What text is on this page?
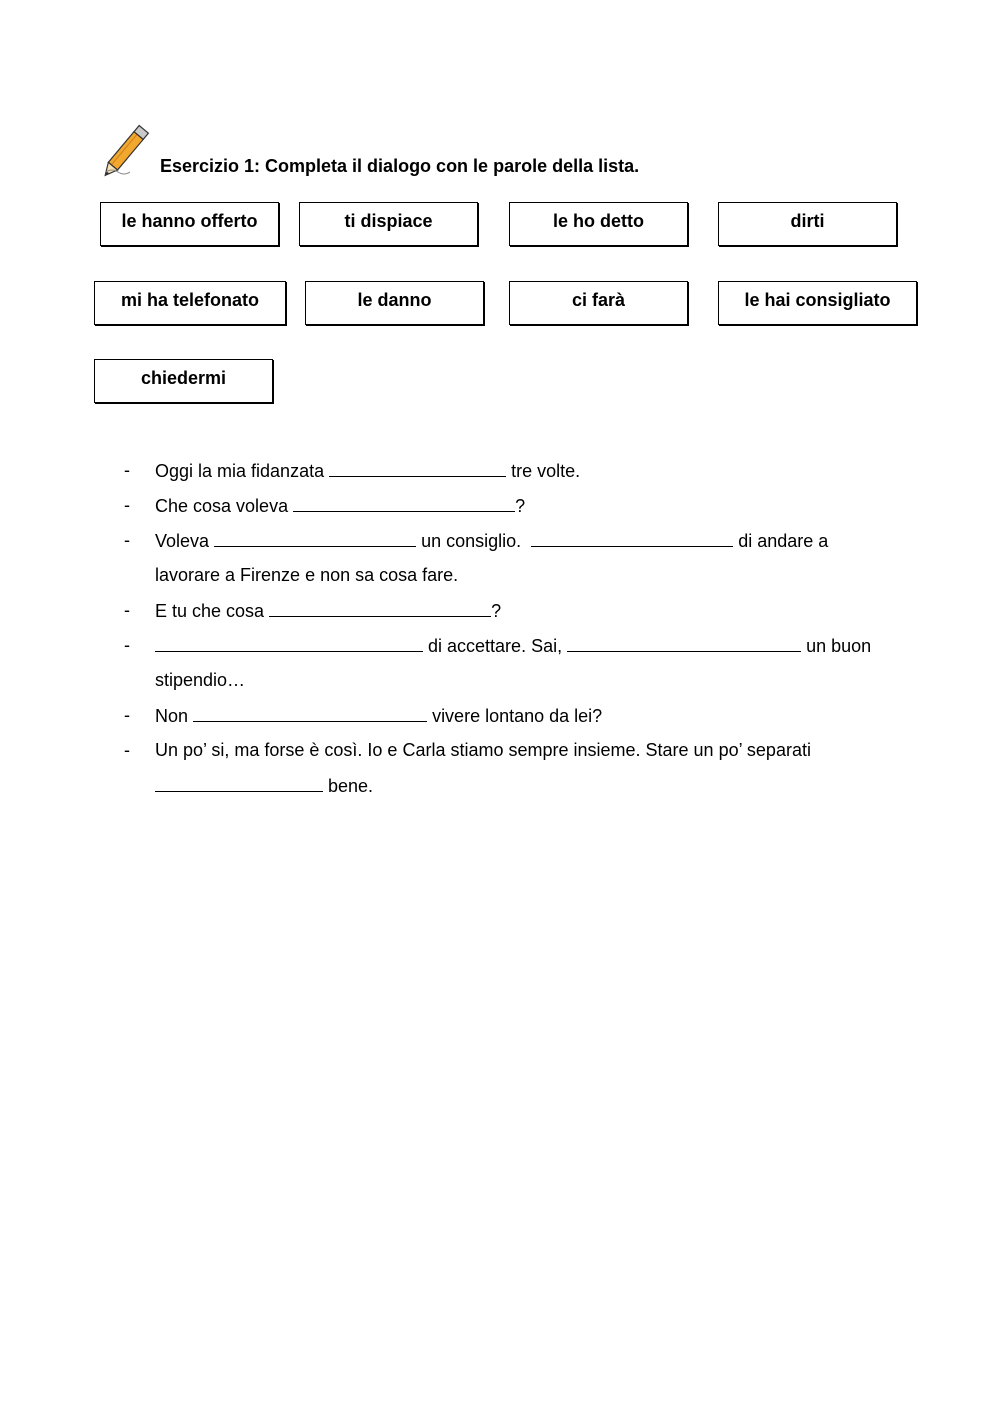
Esercizio 1: Completa il dialogo con le parole della lista.
le hanno offerto	ti dispiace	le ho detto	dirti
mi ha telefonato	le danno	ci farà	le hai consigliato
chiedermi
- Oggi la mia fidanzata	tre volte.
- Che cosa voleva	?
- Voleva	un consiglio.	di andare a
lavorare a Firenze e non sa cosa fare.
- E tu che cosa	?
-	di accettare. Sai,	un buon
stipendio…
- Non	vivere lontano da lei?
- Un po’ si, ma forse è così. Io e Carla stiamo sempre insieme. Stare un po’ separati
bene.
